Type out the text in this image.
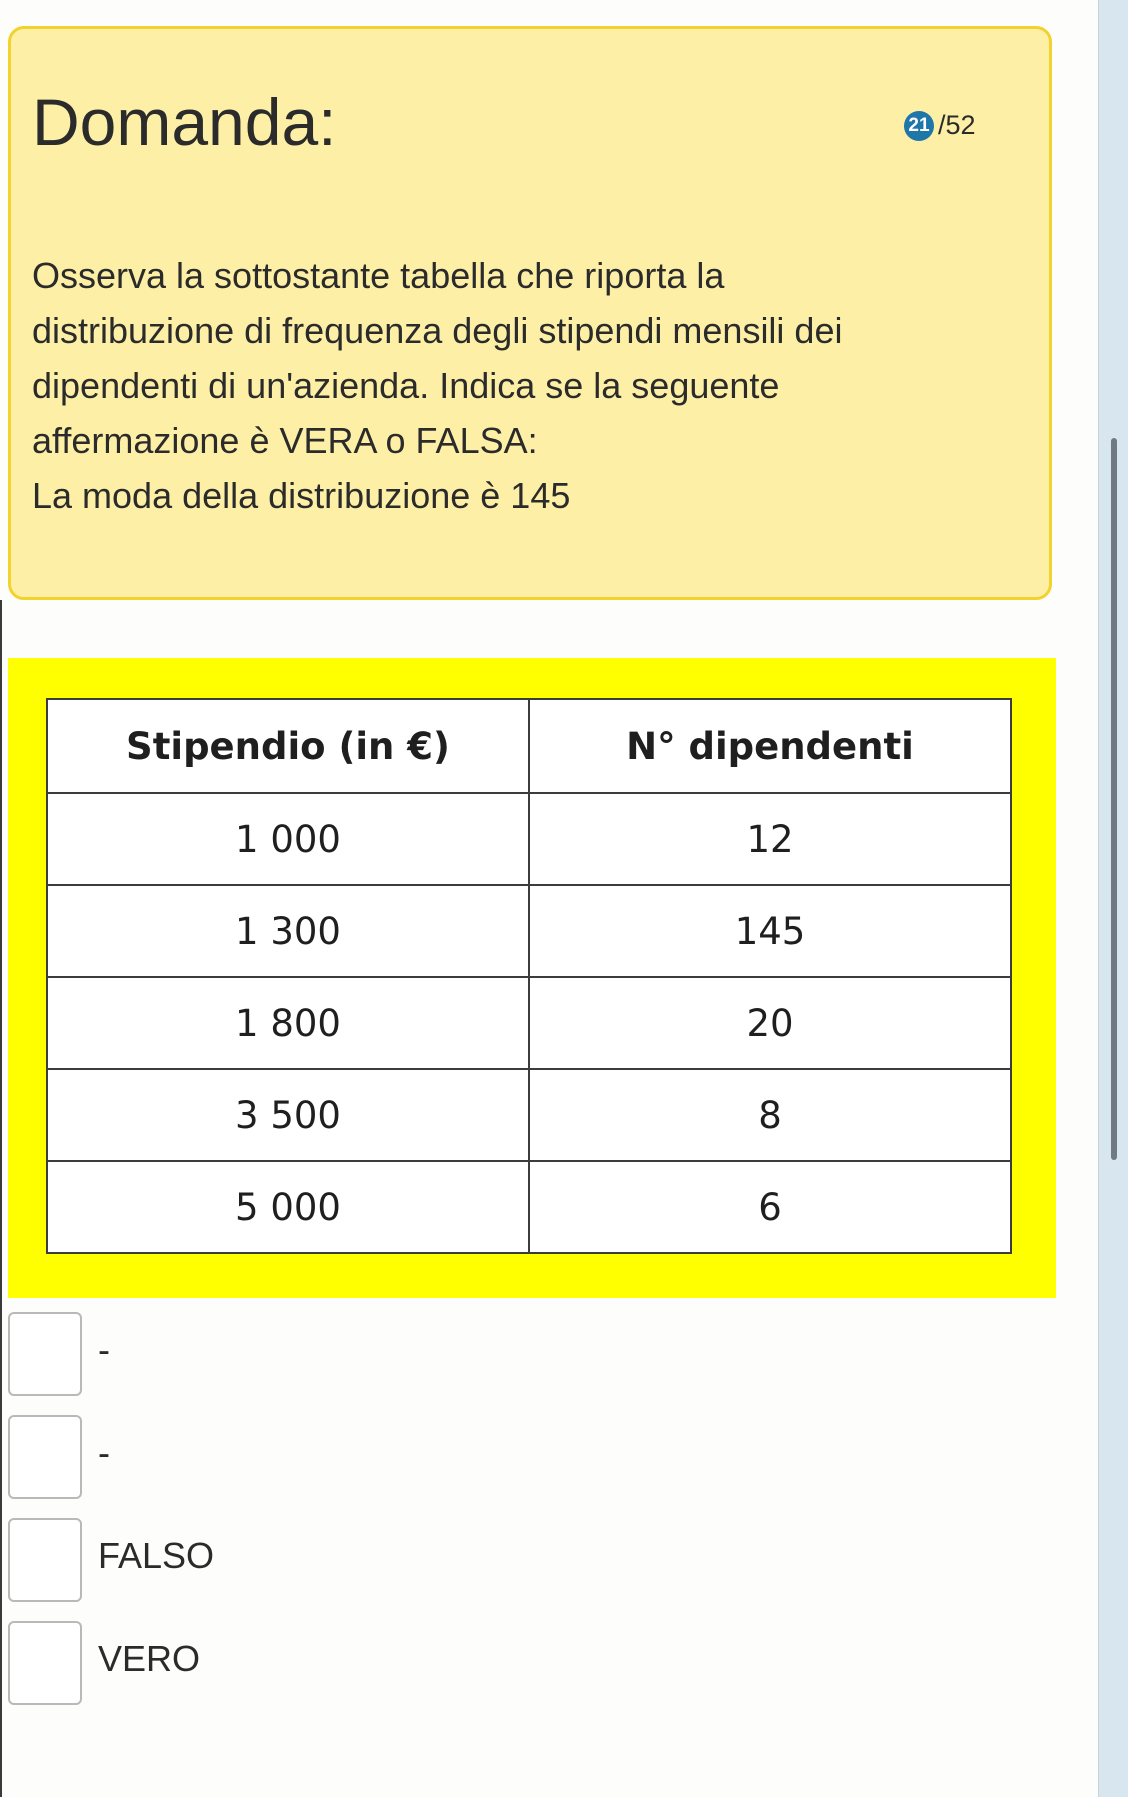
Domanda:	21 /52

Osserva la sottostante tabella che riporta la

distribuzione di frequenza degli stipendi mensili dei

dipendenti di un'azienda. Indica se la seguente

affermazione è VERA o FALSA:

La moda della distribuzione è 145

Stipendio (in €)	N° dipendenti
1 000	12
1 300	145
1 800	20
3 500	8
5 000	6
-
-
FALSO
VERO
